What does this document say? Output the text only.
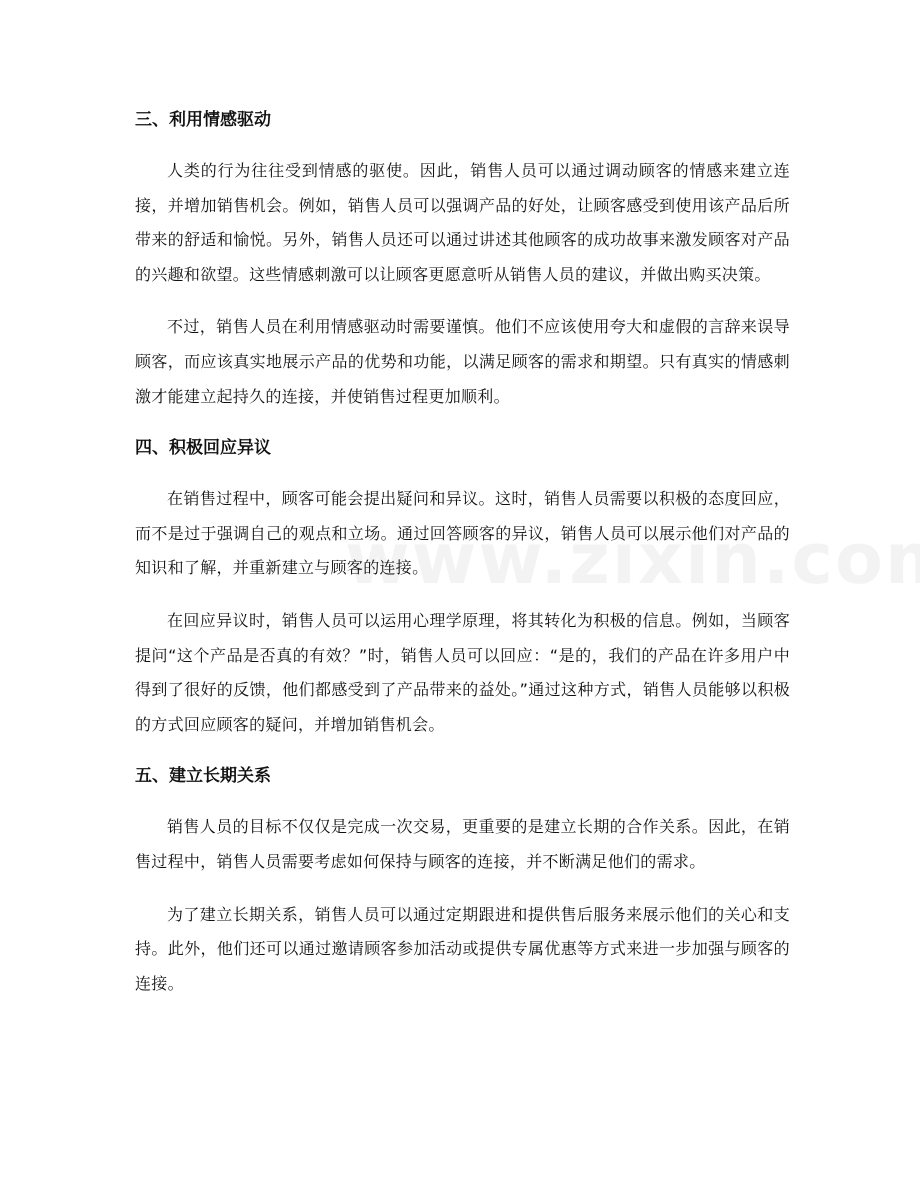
三、利用情感驱动

人类的行为往往受到情感的驱使。因此，销售人员可以通过调动顾客的情感来建立连接，并增加销售机会。例如，销售人员可以强调产品的好处，让顾客感受到使用该产品后所带来的舒适和愉悦。另外，销售人员还可以通过讲述其他顾客的成功故事来激发顾客对产品的兴趣和欲望。这些情感刺激可以让顾客更愿意听从销售人员的建议，并做出购买决策。

不过，销售人员在利用情感驱动时需要谨慎。他们不应该使用夸大和虚假的言辞来误导顾客，而应该真实地展示产品的优势和功能，以满足顾客的需求和期望。只有真实的情感刺激才能建立起持久的连接，并使销售过程更加顺利。

四、积极回应异议

在销售过程中，顾客可能会提出疑问和异议。这时，销售人员需要以积极的态度回应，而不是过于强调自己的观点和立场。通过回答顾客的异议，销售人员可以展示他们对产品的知识和了解，并重新建立与顾客的连接。

在回应异议时，销售人员可以运用心理学原理，将其转化为积极的信息。例如，当顾客提问“这个产品是否真的有效？”时，销售人员可以回应：“是的，我们的产品在许多用户中得到了很好的反馈，他们都感受到了产品带来的益处。”通过这种方式，销售人员能够以积极的方式回应顾客的疑问，并增加销售机会。

五、建立长期关系

销售人员的目标不仅仅是完成一次交易，更重要的是建立长期的合作关系。因此，在销售过程中，销售人员需要考虑如何保持与顾客的连接，并不断满足他们的需求。

为了建立长期关系，销售人员可以通过定期跟进和提供售后服务来展示他们的关心和支持。此外，他们还可以通过邀请顾客参加活动或提供专属优惠等方式来进一步加强与顾客的连接。
